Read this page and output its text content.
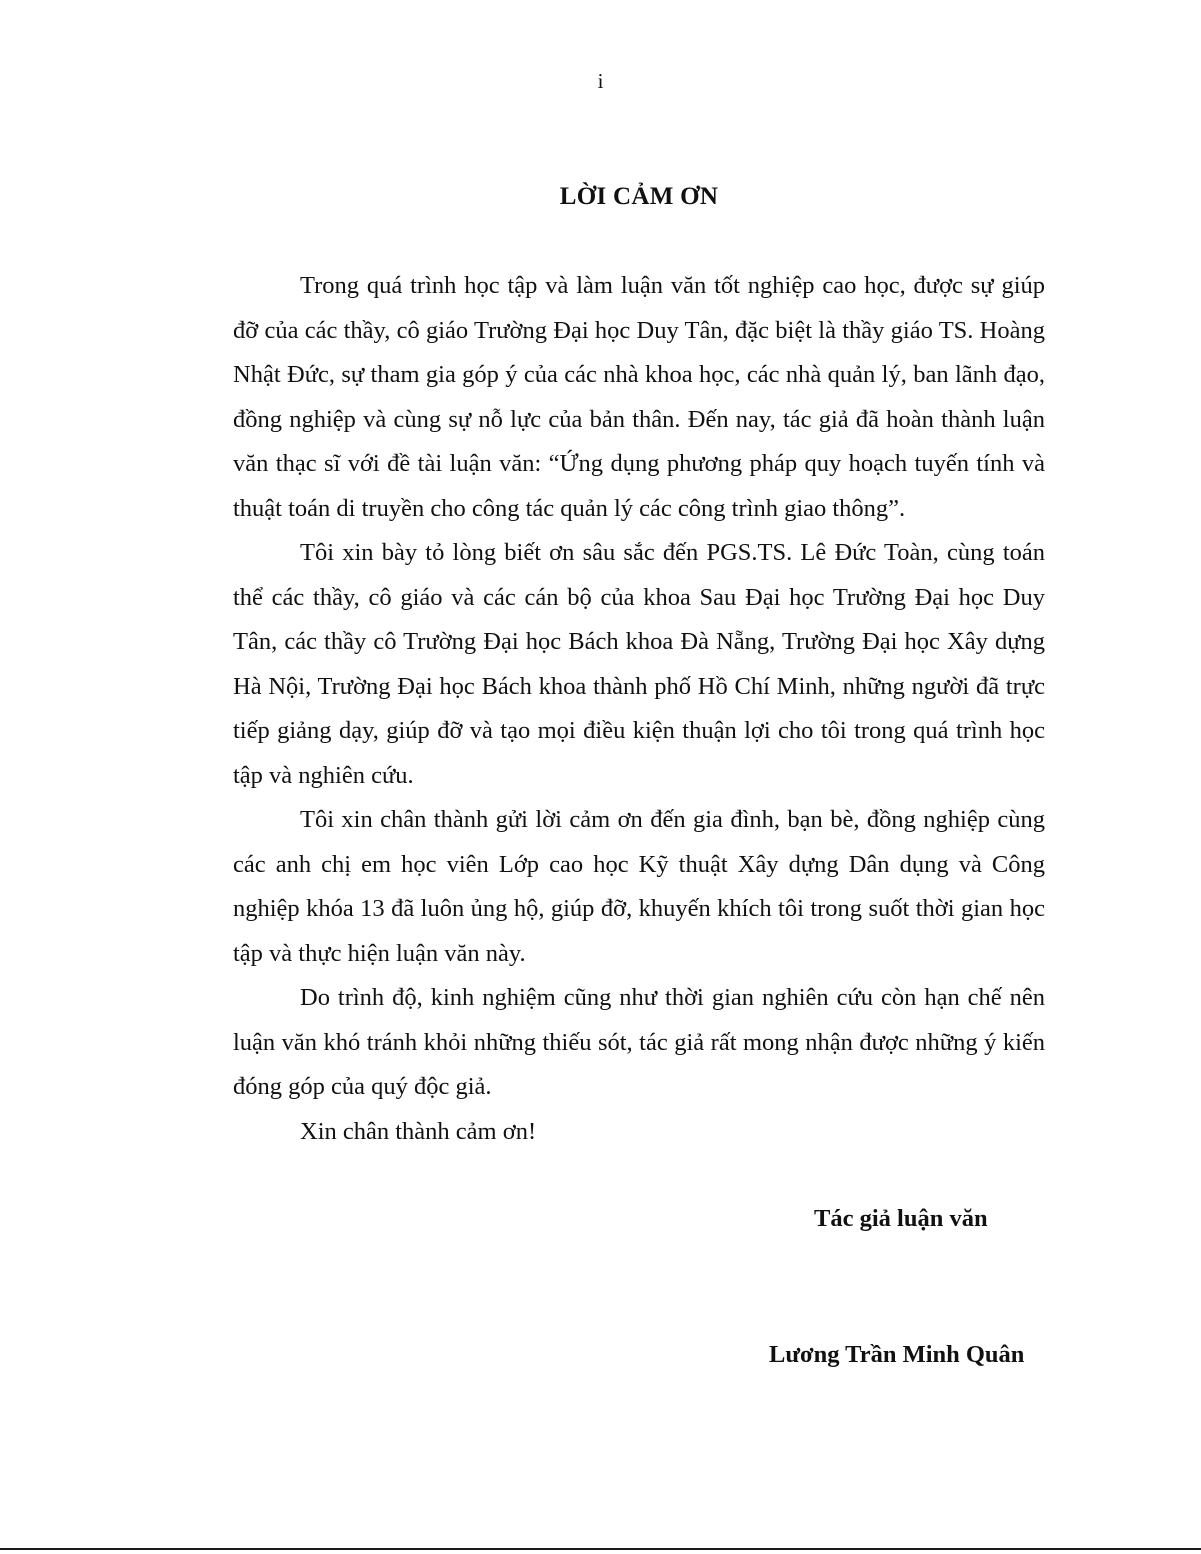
i
LỜI CẢM ƠN

Trong quá trình học tập và làm luận văn tốt nghiệp cao học, được sự giúp đỡ của các thầy, cô giáo Trường Đại học Duy Tân, đặc biệt là thầy giáo TS. Hoàng Nhật Đức, sự tham gia góp ý của các nhà khoa học, các nhà quản lý, ban lãnh đạo, đồng nghiệp và cùng sự nỗ lực của bản thân. Đến nay, tác giả đã hoàn thành luận văn thạc sĩ với đề tài luận văn: “Ứng dụng phương pháp quy hoạch tuyến tính và thuật toán di truyền cho công tác quản lý các công trình giao thông”.

Tôi xin bày tỏ lòng biết ơn sâu sắc đến PGS.TS. Lê Đức Toàn, cùng toán thể các thầy, cô giáo và các cán bộ của khoa Sau Đại học Trường Đại học Duy Tân, các thầy cô Trường Đại học Bách khoa Đà Nẵng, Trường Đại học Xây dựng Hà Nội, Trường Đại học Bách khoa thành phố Hồ Chí Minh, những người đã trực tiếp giảng dạy, giúp đỡ và tạo mọi điều kiện thuận lợi cho tôi trong quá trình học tập và nghiên cứu.

Tôi xin chân thành gửi lời cảm ơn đến gia đình, bạn bè, đồng nghiệp cùng các anh chị em học viên Lớp cao học Kỹ thuật Xây dựng Dân dụng và Công nghiệp khóa 13 đã luôn ủng hộ, giúp đỡ, khuyến khích tôi trong suốt thời gian học tập và thực hiện luận văn này.

Do trình độ, kinh nghiệm cũng như thời gian nghiên cứu còn hạn chế nên luận văn khó tránh khỏi những thiếu sót, tác giả rất mong nhận được những ý kiến đóng góp của quý độc giả.

Xin chân thành cảm ơn!

Tác giả luận văn
Lương Trần Minh Quân
